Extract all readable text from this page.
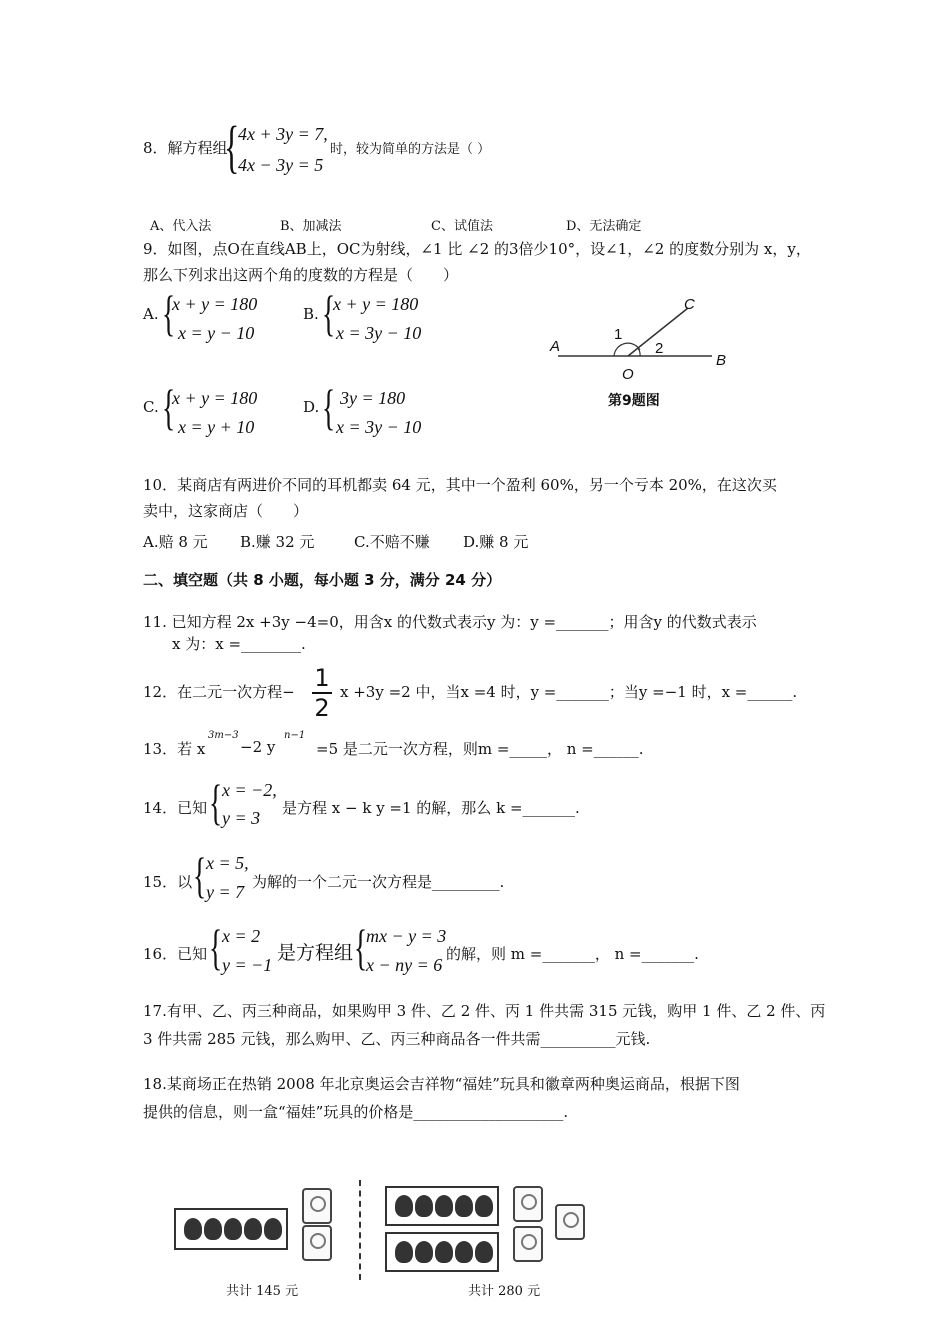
8．解方程组
{
4x + 3y = 7,
4x − 3y = 5
时，较为简单的方法是（ ）
A、代入法	B、加减法	C、试值法	D、无法确定
9．如图，点O在直线AB上，OC为射线，∠1 比 ∠2 的3倍少10°，设∠1，∠2 的度数分别为 x，y，
那么下列求出这两个角的度数的方程是（　　）
A. {
x + y = 180
x = y − 10
B. {
x + y = 180
x = 3y − 10
C. {
x + y = 180
x = y + 10
D. { 3y = 180
x = 3y − 10
A
B
C
O
1
2
第9题图
10．某商店有两进价不同的耳机都卖 64 元，其中一个盈利 60%，另一个亏本 20%，在这次买
卖中，这家商店（　　）
A.赔 8 元 B.赚 32 元	C.不赔不赚 D.赚 8 元
二、填空题（共 8 小题，每小题 3 分，满分 24 分）
11. 已知方程 2x +3y −4=0，用含x 的代数式表示y 为：y =_______；用含y 的代数式表示
x 为：x =________.
12．在二元一次方程− 1
2
x +3y =2 中，当x =4 时，y =_______；当y =−1 时，x =______.
13．若 x
3m−3
−2 y
n−1
=5 是二元一次方程，则m =_____， n =______.
14．已知 { x = −2,
y = 3 是方程 x − k y =1 的解，那么 k =_______.
15．以 { x = 5,
y = 7 为解的一个二元一次方程是_________.
16．已知 { x = 2
y = −1
是方程组 {
mx − y = 3
x − ny = 6
的解，则 m =_______， n =_______.
17.有甲、乙、丙三种商品，如果购甲 3 件、乙 2 件、丙 1 件共需 315 元钱，购甲 1 件、乙 2 件、丙
3 件共需 285 元钱，那么购甲、乙、丙三种商品各一件共需__________元钱.
18.某商场正在热销 2008 年北京奥运会吉祥物“福娃”玩具和徽章两种奥运商品，根据下图
提供的信息，则一盒“福娃”玩具的价格是____________________.
共计 145 元	共计 280 元
